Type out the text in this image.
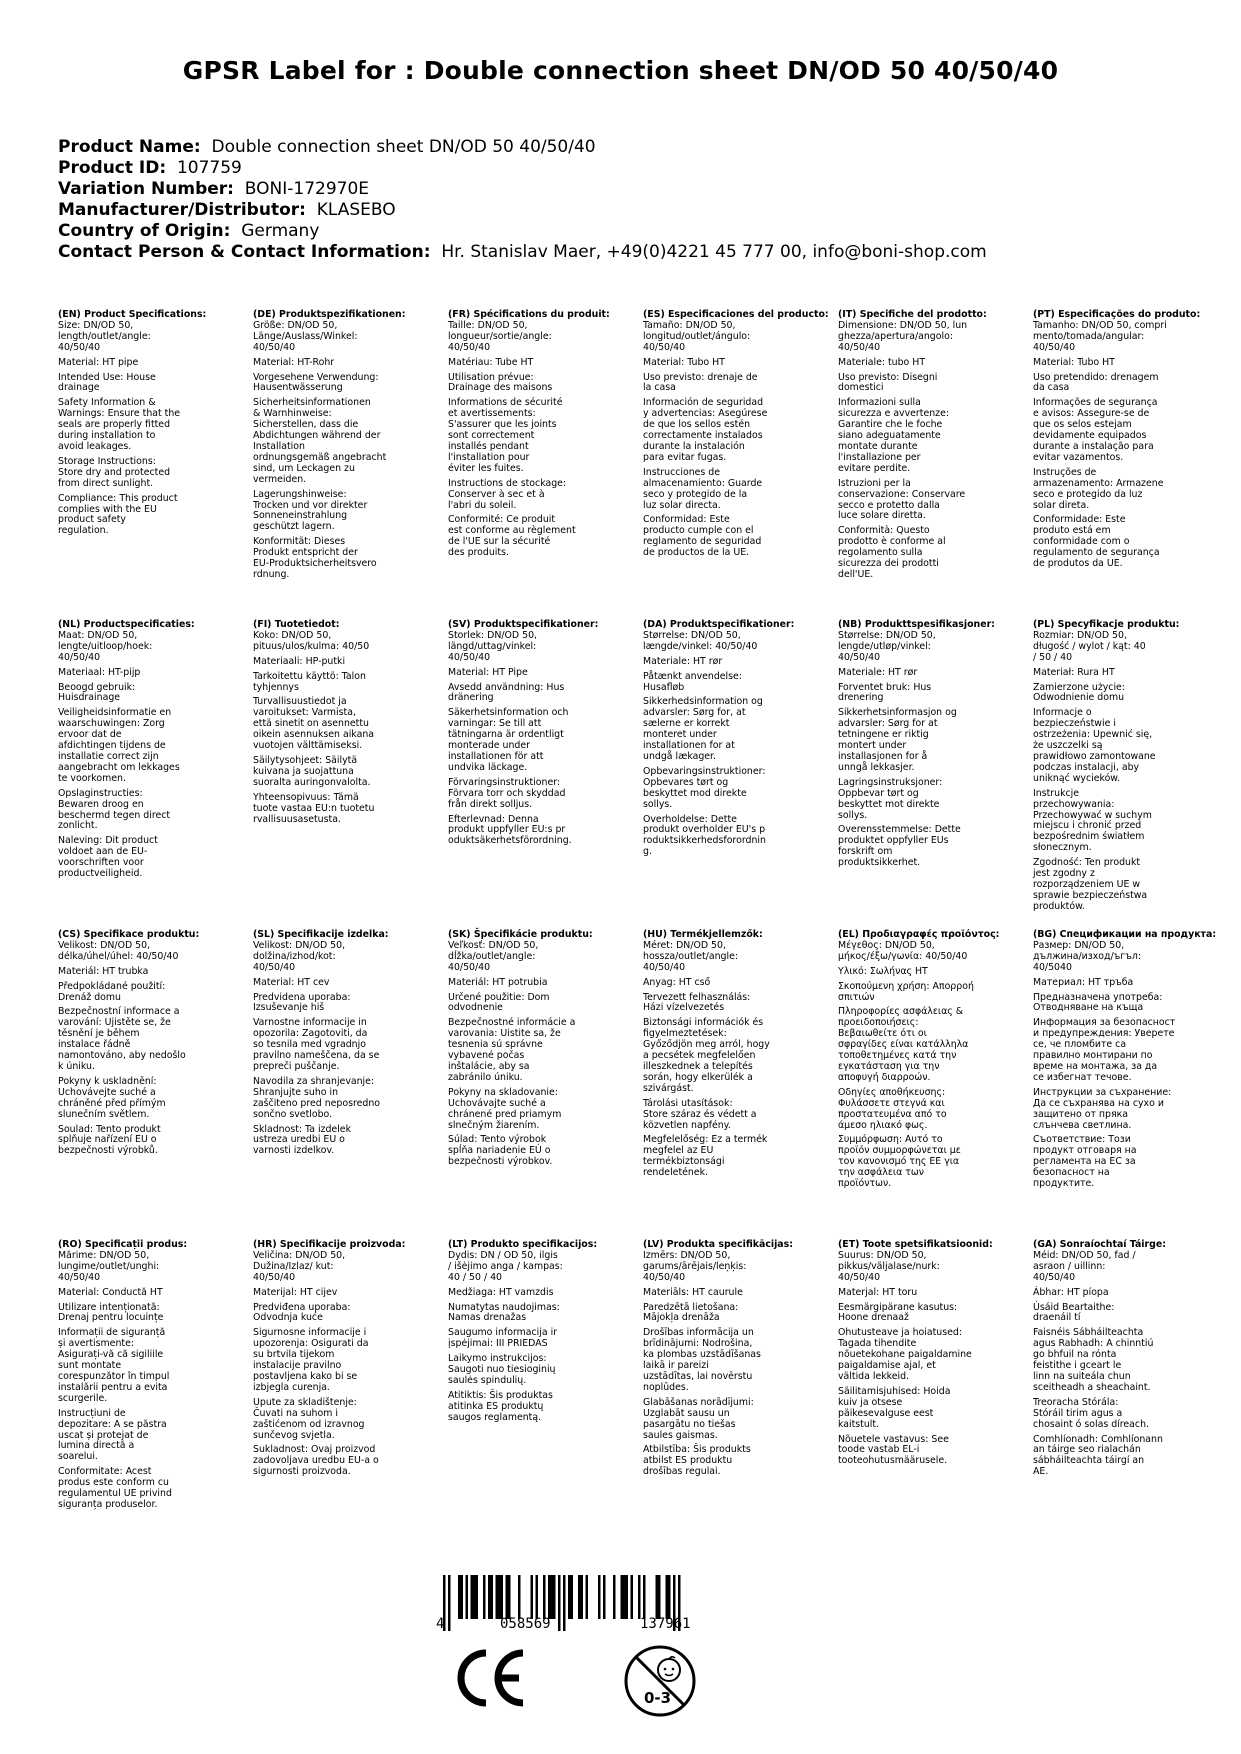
GPSR Label for : Double connection sheet DN/OD 50 40/50/40
Product Name: Double connection sheet DN/OD 50 40/50/40
Product ID: 107759
Variation Number: BONI-172970E
Manufacturer/Distributor: KLASEBO
Country of Origin: Germany
Contact Person & Contact Information: Hr. Stanislav Maer, +49(0)4221 45 777 00, info@boni-shop.com
(EN) Product Specifications:

Size: DN/OD 50,
length/outlet/angle:
40/50/40

Material: HT pipe

Intended Use: House
drainage

Safety Information &
Warnings: Ensure that the
seals are properly fitted
during installation to
avoid leakages.

Storage Instructions:
Store dry and protected
from direct sunlight.

Compliance: This product
complies with the EU
product safety
regulation.

(DE) Produktspezifikationen:

Größe: DN/OD 50,
Länge/Auslass/Winkel:
40/50/40

Material: HT-Rohr

Vorgesehene Verwendung:
Hausentwässerung

Sicherheitsinformationen
& Warnhinweise:
Sicherstellen, dass die
Abdichtungen während der
Installation
ordnungsgemäß angebracht
sind, um Leckagen zu
vermeiden.

Lagerungshinweise:
Trocken und vor direkter
Sonneneinstrahlung
geschützt lagern.

Konformität: Dieses
Produkt entspricht der
EU-Produktsicherheitsvero
rdnung.

(FR) Spécifications du produit:

Taille: DN/OD 50,
longueur/sortie/angle:
40/50/40

Matériau: Tube HT

Utilisation prévue:
Drainage des maisons

Informations de sécurité
et avertissements:
S'assurer que les joints
sont correctement
installés pendant
l'installation pour
éviter les fuites.

Instructions de stockage:
Conserver à sec et à
l'abri du soleil.

Conformité: Ce produit
est conforme au règlement
de l'UE sur la sécurité
des produits.

(ES) Especificaciones del producto:

Tamaño: DN/OD 50,
longitud/outlet/ángulo:
40/50/40

Material: Tubo HT

Uso previsto: drenaje de
la casa

Información de seguridad
y advertencias: Asegúrese
de que los sellos estén
correctamente instalados
durante la instalación
para evitar fugas.

Instrucciones de
almacenamiento: Guarde
seco y protegido de la
luz solar directa.

Conformidad: Este
producto cumple con el
reglamento de seguridad
de productos de la UE.

(IT) Specifiche del prodotto:

Dimensione: DN/OD 50, lun
ghezza/apertura/angolo:
40/50/40

Materiale: tubo HT

Uso previsto: Disegni
domestici

Informazioni sulla
sicurezza e avvertenze:
Garantire che le foche
siano adeguatamente
montate durante
l'installazione per
evitare perdite.

Istruzioni per la
conservazione: Conservare
secco e protetto dalla
luce solare diretta.

Conformità: Questo
prodotto è conforme al
regolamento sulla
sicurezza dei prodotti
dell'UE.

(PT) Especificações do produto:

Tamanho: DN/OD 50, compri
mento/tomada/angular:
40/50/40

Material: Tubo HT

Uso pretendido: drenagem
da casa

Informações de segurança
e avisos: Assegure-se de
que os selos estejam
devidamente equipados
durante a instalação para
evitar vazamentos.

Instruções de
armazenamento: Armazene
seco e protegido da luz
solar direta.

Conformidade: Este
produto está em
conformidade com o
regulamento de segurança
de produtos da UE.

(NL) Productspecificaties:

Maat: DN/OD 50,
lengte/uitloop/hoek:
40/50/40

Materiaal: HT-pijp

Beoogd gebruik:
Huisdrainage

Veiligheidsinformatie en
waarschuwingen: Zorg
ervoor dat de
afdichtingen tijdens de
installatie correct zijn
aangebracht om lekkages
te voorkomen.

Opslaginstructies:
Bewaren droog en
beschermd tegen direct
zonlicht.

Naleving: Dit product
voldoet aan de EU-
voorschriften voor
productveiligheid.

(FI) Tuotetiedot:

Koko: DN/OD 50,
pituus/ulos/kulma: 40/50

Materiaali: HP-putki

Tarkoitettu käyttö: Talon
tyhjennys

Turvallisuustiedot ja
varoitukset: Varmista,
että sinetit on asennettu
oikein asennuksen aikana
vuotojen välttämiseksi.

Säilytysohjeet: Säilytä
kuivana ja suojattuna
suoralta auringonvalolta.

Yhteensopivuus: Tämä
tuote vastaa EU:n tuotetu
rvallisuusasetusta.

(SV) Produktspecifikationer:

Storlek: DN/OD 50,
längd/uttag/vinkel:
40/50/40

Material: HT Pipe

Avsedd användning: Hus
dränering

Säkerhetsinformation och
varningar: Se till att
tätningarna är ordentligt
monterade under
installationen för att
undvika läckage.

Förvaringsinstruktioner:
Förvara torr och skyddad
från direkt solljus.

Efterlevnad: Denna
produkt uppfyller EU:s pr
oduktsäkerhetsförordning.

(DA) Produktspecifikationer:

Størrelse: DN/OD 50,
længde/vinkel: 40/50/40

Materiale: HT rør

Påtænkt anvendelse:
Husafløb

Sikkerhedsinformation og
advarsler: Sørg for, at
sælerne er korrekt
monteret under
installationen for at
undgå lækager.

Opbevaringsinstruktioner:
Opbevares tørt og
beskyttet mod direkte
sollys.

Overholdelse: Dette
produkt overholder EU's p
roduktsikkerhedsforordnin
g.

(NB) Produkttspesifikasjoner:

Størrelse: DN/OD 50,
lengde/utløp/vinkel:
40/50/40

Materiale: HT rør

Forventet bruk: Hus
drenering

Sikkerhetsinformasjon og
advarsler: Sørg for at
tetningene er riktig
montert under
installasjonen for å
unngå lekkasjer.

Lagringsinstruksjoner:
Oppbevar tørt og
beskyttet mot direkte
sollys.

Overensstemmelse: Dette
produktet oppfyller EUs
forskrift om
produktsikkerhet.

(PL) Specyfikacje produktu:

Rozmiar: DN/OD 50,
długość / wylot / kąt: 40
/ 50 / 40

Materiał: Rura HT

Zamierzone użycie:
Odwodnienie domu

Informacje o
bezpieczeństwie i
ostrzeżenia: Upewnić się,
że uszczelki są
prawidłowo zamontowane
podczas instalacji, aby
uniknąć wycieków.

Instrukcje
przechowywania:
Przechowywać w suchym
miejscu i chronić przed
bezpośrednim światłem
słonecznym.

Zgodność: Ten produkt
jest zgodny z
rozporządzeniem UE w
sprawie bezpieczeństwa
produktów.

(CS) Specifikace produktu:

Velikost: DN/OD 50,
délka/úhel/úhel: 40/50/40

Materiál: HT trubka

Předpokládané použití:
Drenáž domu

Bezpečnostní informace a
varování: Ujistěte se, že
těsnění je během
instalace řádně
namontováno, aby nedošlo
k úniku.

Pokyny k uskladnění:
Uchovávejte suché a
chráněné před přímým
slunečním světlem.

Soulad: Tento produkt
splňuje nařízení EU o
bezpečnosti výrobků.

(SL) Specifikacije izdelka:

Velikost: DN/OD 50,
dolžina/izhod/kot:
40/50/40

Material: HT cev

Predvidena uporaba:
Izsuševanje hiš

Varnostne informacije in
opozorila: Zagotoviti, da
so tesnila med vgradnjo
pravilno nameščena, da se
prepreči puščanje.

Navodila za shranjevanje:
Shranjujte suho in
zaščiteno pred neposredno
sončno svetlobo.

Skladnost: Ta izdelek
ustreza uredbi EU o
varnosti izdelkov.

(SK) Špecifikácie produktu:

Veľkosť: DN/OD 50,
dĺžka/outlet/angle:
40/50/40

Materiál: HT potrubia

Určené použitie: Dom
odvodnenie

Bezpečnostné informácie a
varovania: Uistite sa, že
tesnenia sú správne
vybavené počas
inštalácie, aby sa
zabránilo úniku.

Pokyny na skladovanie:
Uchovávajte suché a
chránené pred priamym
slnečným žiarením.

Súlad: Tento výrobok
spĺňa nariadenie EÚ o
bezpečnosti výrobkov.

(HU) Termékjellemzők:

Méret: DN/OD 50,
hossza/outlet/angle:
40/50/40

Anyag: HT cső

Tervezett felhasználás:
Házi vízelvezetés

Biztonsági információk és
figyelmeztetések:
Győződjön meg arról, hogy
a pecsétek megfelelően
illeszkednek a telepítés
során, hogy elkerülék a
szivárgást.

Tárolási utasítások:
Store száraz és védett a
közvetlen napfény.

Megfelelőség: Ez a termék
megfelel az EU
termékbiztonsági
rendeletének.

(EL) Προδιαγραφές προϊόντος:

Μέγεθος: DN/OD 50,
μήκος/έξω/γωνία: 40/50/40

Υλικό: Σωλήνας HT

Σκοπούμενη χρήση: Απορροή
σπιτιών

Πληροφορίες ασφάλειας &
προειδοποιήσεις:
Βεβαιωθείτε ότι οι
σφραγίδες είναι κατάλληλα
τοποθετημένες κατά την
εγκατάσταση για την
αποφυγή διαρροών.

Οδηγίες αποθήκευσης:
Φυλάσσετε στεγνά και
προστατευμένα από το
άμεσο ηλιακό φως.

Συμμόρφωση: Αυτό το
προϊόν συμμορφώνεται με
τον κανονισμό της ΕΕ για
την ασφάλεια των
προϊόντων.

(BG) Спецификации на продукта:

Размер: DN/OD 50,
дължина/изход/ъгъл:
40/5040

Материал: HT тръба

Предназначена употреба:
Отводняване на къща

Информация за безопасност
и предупреждения: Уверете
се, че пломбите са
правилно монтирани по
време на монтажа, за да
се избегнат течове.

Инструкции за съхранение:
Да се съхранява на сухо и
защитено от пряка
слънчева светлина.

Съответствие: Този
продукт отговаря на
регламента на ЕС за
безопасност на
продуктите.

(RO) Specificații produs:

Mărime: DN/OD 50,
lungime/outlet/unghi:
40/50/40

Material: Conductă HT

Utilizare intenționată:
Drenaj pentru locuințe

Informații de siguranță
și avertismente:
Asigurați-vă că sigiliile
sunt montate
corespunzător în timpul
instalării pentru a evita
scurgerile.

Instrucțiuni de
depozitare: A se păstra
uscat și protejat de
lumina directă a
soarelui.

Conformitate: Acest
produs este conform cu
regulamentul UE privind
siguranța produselor.

(HR) Specifikacije proizvoda:

Veličina: DN/OD 50,
Dužina/Izlaz/ kut:
40/50/40

Materijal: HT cijev

Predviđena uporaba:
Odvodnja kuće

Sigurnosne informacije i
upozorenja: Osigurati da
su brtvila tijekom
instalacije pravilno
postavljena kako bi se
izbjegla curenja.

Upute za skladištenje:
Čuvati na suhom i
zaštićenom od izravnog
sunčevog svjetla.

Sukladnost: Ovaj proizvod
zadovoljava uredbu EU-a o
sigurnosti proizvoda.

(LT) Produkto specifikacijos:

Dydis: DN / OD 50, ilgis
/ išėjimo anga / kampas:
40 / 50 / 40

Medžiaga: HT vamzdis

Numatytas naudojimas:
Namas drenažas

Saugumo informacija ir
įspėjimai: III PRIEDAS

Laikymo instrukcijos:
Saugoti nuo tiesioginių
saulės spindulių.

Atitiktis: Šis produktas
atitinka ES produktų
saugos reglamentą.

(LV) Produkta specifikācijas:

Izmērs: DN/OD 50,
garums/ārējais/leņķis:
40/50/40

Materiāls: HT caurule

Paredzētā lietošana:
Mājokļa drenāža

Drošības informācija un
brīdinājumi: Nodrošina,
ka plombas uzstādīšanas
laikā ir pareizi
uzstādītas, lai novērstu
noplūdes.

Glabāšanas norādījumi:
Uzglabāt sausu un
pasargātu no tiešas
saules gaismas.

Atbilstība: Šis produkts
atbilst ES produktu
drošības regulai.

(ET) Toote spetsifikatsioonid:

Suurus: DN/OD 50,
pikkus/väljalase/nurk:
40/50/40

Materjal: HT toru

Eesmärgipärane kasutus:
Hoone drenaaž

Ohutusteave ja hoiatused:
Tagada tihendite
nõuetekohane paigaldamine
paigaldamise ajal, et
vältida lekkeid.

Säilitamisjuhised: Hoida
kuiv ja otsese
päikesevalguse eest
kaitstult.

Nõuetele vastavus: See
toode vastab EL-i
tooteohutusmäärusele.

(GA) Sonraíochtaí Táirge:

Méid: DN/OD 50, fad /
asraon / uillinn:
40/50/40

Ábhar: HT píopa

Úsáid Beartaithe:
draenáil tí

Faisnéis Sábháilteachta
agus Rabhadh: A chinntiú
go bhfuil na rónta
feistithe i gceart le
linn na suiteála chun
sceitheadh a sheachaint.

Treoracha Stórála:
Stóráil tirim agus a
chosaint ó solas díreach.

Comhlíonadh: Comhlíonann
an táirge seo rialachán
sábháilteachta táirgí an
AE.

4	058569	137961
0-3
